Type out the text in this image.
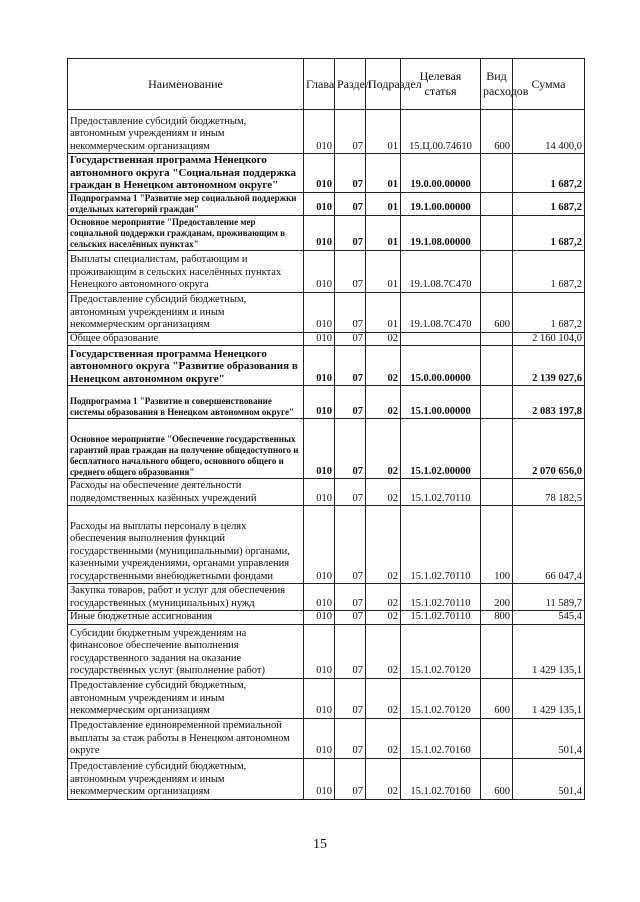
Наименование	Глава	Раздел	Подраздел	Целевая статья	Вид расходов	Сумма
Предоставление субсидий бюджетным, автономным учреждениям и иным некоммерческим организациям	010	07	01	15.Ц.00.74610	600	14 400,0
Государственная программа Ненецкого автономного округа "Социальная поддержка граждан в Ненецком автономном округе"	010	07	01	19.0.00.00000		1 687,2
Подпрограмма 1 "Развитие мер социальной поддержки отдельных категорий граждан"	010	07	01	19.1.00.00000		1 687,2
Основное мероприятие "Предоставление мер социальной поддержки гражданам, проживающим в сельских населённых пунктах"	010	07	01	19.1.08.00000		1 687,2
Выплаты специалистам, работающим и проживающим в сельских населённых пунктах Ненецкого автономного округа	010	07	01	19.1.08.7С470		1 687,2
Предоставление субсидий бюджетным, автономным учреждениям и иным некоммерческим организациям	010	07	01	19.1.08.7С470	600	1 687,2
Общее образование	010	07	02			2 160 104,0
Государственная программа Ненецкого автономного округа "Развитие образования в Ненецком автономном округе"	010	07	02	15.0.00.00000		2 139 027,6
Подпрограмма 1 "Развитие и совершенствование системы образования в Ненецком автономном округе"	010	07	02	15.1.00.00000		2 083 197,8
Основное мероприятие "Обеспечение государственных гарантий прав граждан на получение общедоступного и бесплатного начального общего, основного общего и среднего общего образования"	010	07	02	15.1.02.00000		2 070 656,0
Расходы на обеспечение деятельности подведомственных казённых учреждений	010	07	02	15.1.02.70110		78 182,5
Расходы на выплаты персоналу в целях обеспечения выполнения функций государственными (муниципальными) органами, казенными учреждениями, органами управления государственными внебюджетными фондами	010	07	02	15.1.02.70110	100	66 047,4
Закупка товаров, работ и услуг для обеспечения государственных (муниципальных) нужд	010	07	02	15.1.02.70110	200	11 589,7
Иные бюджетные ассигнования	010	07	02	15.1.02.70110	800	545,4
Субсидии бюджетным учреждениям на финансовое обеспечение выполнения государственного задания на оказание государственных услуг (выполнение работ)	010	07	02	15.1.02.70120		1 429 135,1
Предоставление субсидий бюджетным, автономным учреждениям и иным некоммерческим организациям	010	07	02	15.1.02.70120	600	1 429 135,1
Предоставление единовременной премиальной выплаты за стаж работы в Ненецком автономном округе	010	07	02	15.1.02.70160		501,4
Предоставление субсидий бюджетным, автономным учреждениям и иным некоммерческим организациям	010	07	02	15.1.02.70160	600	501,4
15
